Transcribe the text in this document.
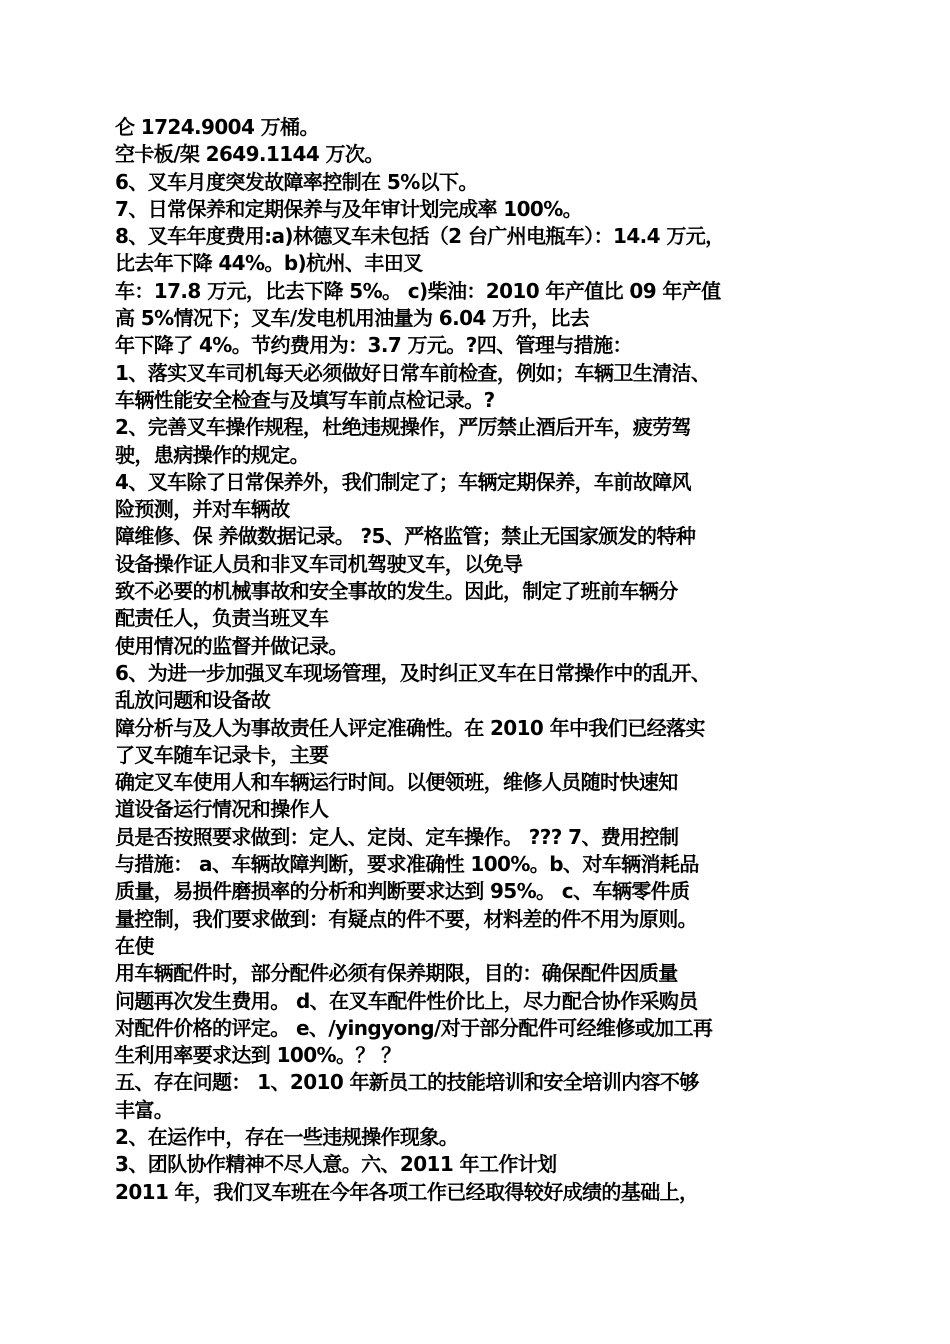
仑 1724.9004 万桶。
空卡板/架 2649.1144 万次。
6、叉车月度突发故障率控制在 5%以下。
7、日常保养和定期保养与及年审计划完成率 100%。
8、叉车年度费用:a)林德叉车未包括（2 台广州电瓶车）：14.4 万元，
比去年下降 44%。b)杭州、丰田叉
车：17.8 万元，比去下降 5%。 c)柴油：2010 年产值比 09 年产值
高 5%情况下；叉车/发电机用油量为 6.04 万升，比去
年下降了 4%。节约费用为：3.7 万元。?四、管理与措施：
1、落实叉车司机每天必须做好日常车前检查，例如；车辆卫生清洁、
车辆性能安全检查与及填写车前点检记录。?
2、完善叉车操作规程，杜绝违规操作，严厉禁止酒后开车，疲劳驾
驶，患病操作的规定。
4、叉车除了日常保养外，我们制定了；车辆定期保养，车前故障风
险预测，并对车辆故
障维修、保 养做数据记录。 ?5、严格监管；禁止无国家颁发的特种
设备操作证人员和非叉车司机驾驶叉车，以免导
致不必要的机械事故和安全事故的发生。因此，制定了班前车辆分
配责任人，负责当班叉车
使用情况的监督并做记录。
6、为进一步加强叉车现场管理，及时纠正叉车在日常操作中的乱开、
乱放问题和设备故
障分析与及人为事故责任人评定准确性。在 2010 年中我们已经落实
了叉车随车记录卡，主要
确定叉车使用人和车辆运行时间。以便领班，维修人员随时快速知
道设备运行情况和操作人
员是否按照要求做到：定人、定岗、定车操作。 ??? 7、费用控制
与措施： a、车辆故障判断，要求准确性 100%。b、对车辆消耗品
质量，易损件磨损率的分析和判断要求达到 95%。 c、车辆零件质
量控制，我们要求做到：有疑点的件不要，材料差的件不用为原则。
在使
用车辆配件时，部分配件必须有保养期限，目的：确保配件因质量
问题再次发生费用。 d、在叉车配件性价比上，尽力配合协作采购员
对配件价格的评定。 e、/yingyong/对于部分配件可经维修或加工再
生利用率要求达到 100%。？ ？
五、存在问题： 1、2010 年新员工的技能培训和安全培训内容不够
丰富。
2、在运作中，存在一些违规操作现象。
3、团队协作精神不尽人意。六、2011 年工作计划
2011 年，我们叉车班在今年各项工作已经取得较好成绩的基础上，
